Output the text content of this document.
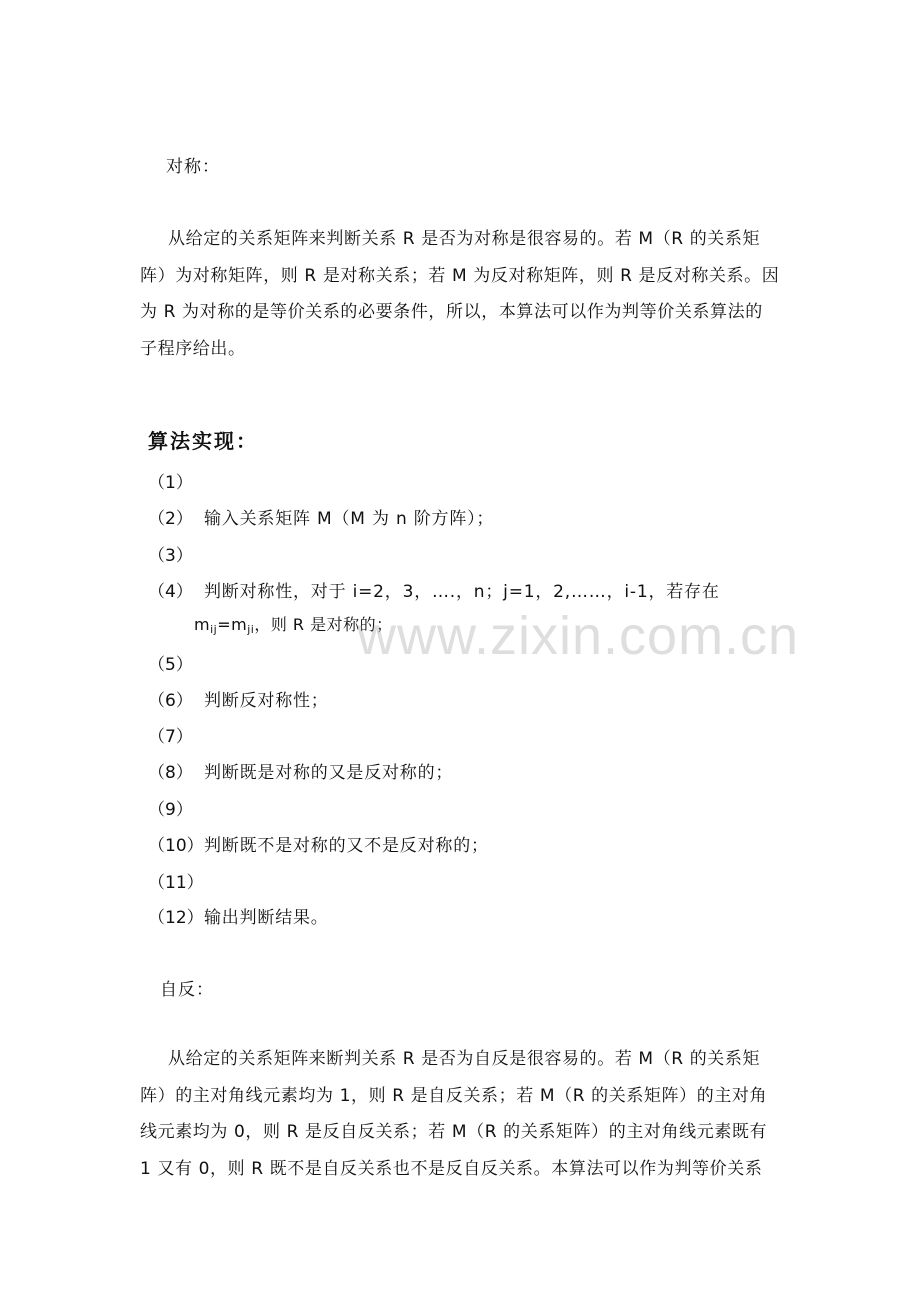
对称：
从给定的关系矩阵来判断关系 R 是否为对称是很容易的。若 M（R 的关系矩阵）为对称矩阵，则 R 是对称关系；若 M 为反对称矩阵，则 R 是反对称关系。因为 R 为对称的是等价关系的必要条件，所以，本算法可以作为判等价关系算法的子程序给出。
算法实现：
（1）
（2） 输入关系矩阵 M（M 为 n 阶方阵）；
（3）
（4） 判断对称性，对于 i=2，3，….，n；j=1，2,……，i-1，若存在
$m_{ij}=m_{ji}$，则 R 是对称的；
（5）
（6） 判断反对称性；
（7）
（8） 判断既是对称的又是反对称的；
（9）
（10）判断既不是对称的又不是反对称的；
（11）
（12）输出判断结果。
自反：
从给定的关系矩阵来断判关系 R 是否为自反是很容易的。若 M（R 的关系矩阵）的主对角线元素均为 1，则 R 是自反关系；若 M（R 的关系矩阵）的主对角线元素均为 0，则 R 是反自反关系；若 M（R 的关系矩阵）的主对角线元素既有 1 又有 0，则 R 既不是自反关系也不是反自反关系。本算法可以作为判等价关系
www.zixin.com.cn
